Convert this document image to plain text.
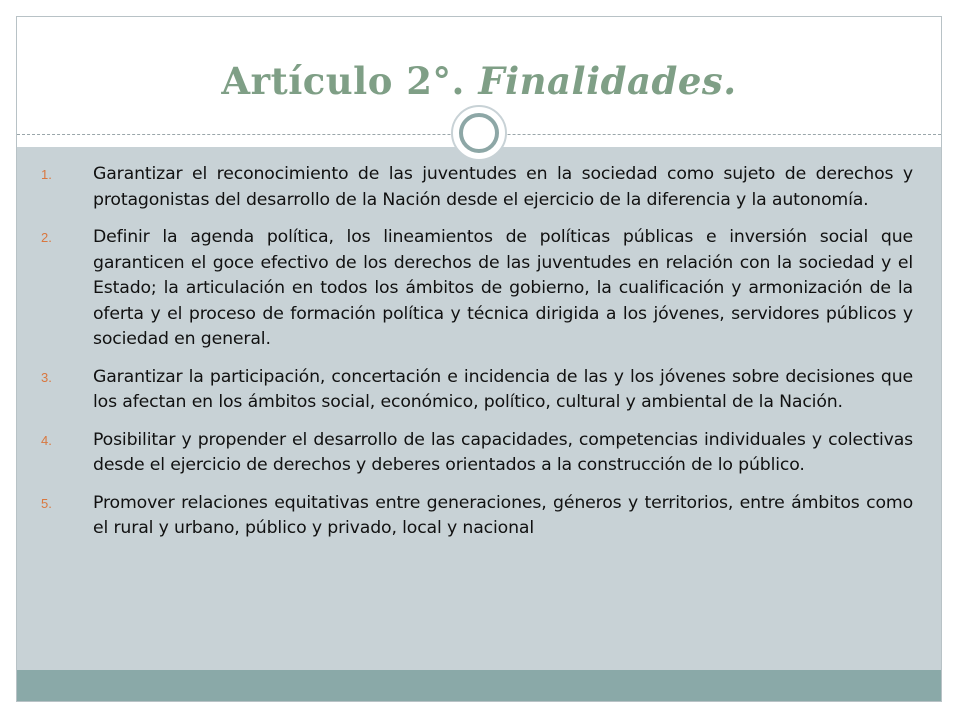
Artículo 2°. Finalidades.
1.	Garantizar el reconocimiento de las juventudes en la sociedad como sujeto de derechos y protagonistas del desarrollo de la Nación desde el ejercicio de la diferencia y la autonomía.

2.	Definir la agenda política, los lineamientos de políticas públicas e inversión social que garanticen el goce efectivo de los derechos de las juventudes en relación con la sociedad y el Estado; la articulación en todos los ámbitos de gobierno, la cualificación y armonización de la oferta y el proceso de formación política y técnica dirigida a los jóvenes, servidores públicos y sociedad en general.

3.	Garantizar la participación, concertación e incidencia de las y los jóvenes sobre decisiones que los afectan en los ámbitos social, económico, político, cultural y ambiental de la Nación.

4.	Posibilitar y propender el desarrollo de las capacidades, competencias individuales y colectivas desde el ejercicio de derechos y deberes orientados a la construcción de lo público.

5.	Promover relaciones equitativas entre generaciones, géneros y territorios, entre ámbitos como el rural y urbano, público y privado, local y nacional
